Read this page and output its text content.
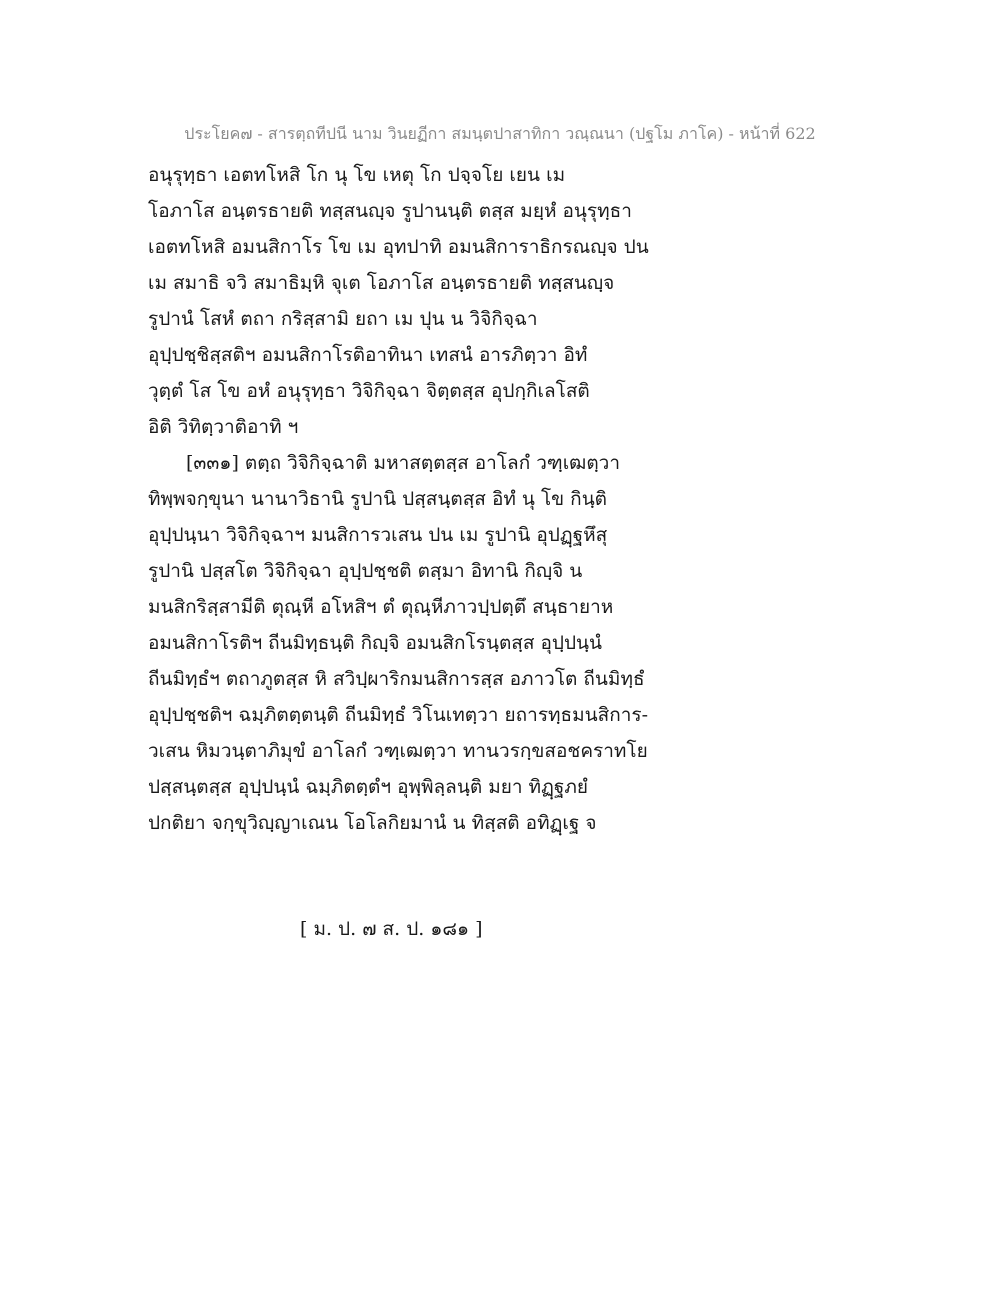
ประโยค๗ - สารตฺถทีปนี นาม วินยฏีกา สมนฺตปาสาทิกา วณฺณนา (ปฐโม ภาโค) - หน้าที่ 622
อนุรุทฺธา เอตทโหสิ โก นุ โข เหตุ โก ปจฺจโย เยน เม
โอภาโส อนฺตรธายติ ทสฺสนญฺจ รูปานนฺติ ตสฺส มยฺหํ อนุรุทฺธา
เอตทโหสิ อมนสิกาโร โข เม อุทปาทิ อมนสิการาธิกรณญฺจ ปน
เม สมาธิ จวิ สมาธิมฺหิ จุเต โอภาโส อนฺตรธายติ ทสฺสนญฺจ
รูปานํ โสหํ ตถา กริสฺสามิ ยถา เม ปุน น วิจิกิจฺฉา
อุปฺปชฺชิสฺสติฯ อมนสิกาโรติอาทินา เทสนํ อารภิตฺวา อิทํ
วุตฺตํ โส โข อหํ อนุรุทฺธา วิจิกิจฺฉา จิตฺตสฺส อุปกฺกิเลโสติ
อิติ วิทิตฺวาติอาทิ ฯ
[๓๓๑] ตตฺถ วิจิกิจฺฉาติ มหาสตฺตสฺส อาโลกํ วฑฺเฒตฺวา
ทิพฺพจกฺขุนา นานาวิธานิ รูปานิ ปสฺสนฺตสฺส อิทํ นุ โข กินฺติ
อุปฺปนฺนา วิจิกิจฺฉาฯ มนสิการวเสน ปน เม รูปานิ อุปฏฺฐหึสุ
รูปานิ ปสฺสโต วิจิกิจฺฉา อุปฺปชฺชติ ตสฺมา อิทานิ กิญฺจิ น
มนสิกริสฺสามีติ ตุณฺหี อโหสิฯ ตํ ตุณฺหีภาวปฺปตฺตึ สนฺธายาห
อมนสิกาโรติฯ ถีนมิทฺธนฺติ กิญฺจิ อมนสิกโรนฺตสฺส อุปฺปนฺนํ
ถีนมิทฺธํฯ ตถาภูตสฺส หิ สวิปฺผาริกมนสิการสฺส อภาวโต ถีนมิทฺธํ
อุปฺปชฺชติฯ ฉมฺภิตตฺตนฺติ ถีนมิทฺธํ วิโนเทตฺวา ยถารทฺธมนสิการ-
วเสน หิมวนฺตาภิมุขํ อาโลกํ วฑฺเฒตฺวา ทานวรกฺขสอชคราทโย
ปสฺสนฺตสฺส อุปฺปนฺนํ ฉมฺภิตตฺตํฯ อุพฺพิลฺลนฺติ มยา ทิฏฺฐภยํ
ปกติยา จกฺขุวิญฺญาเณน โอโลกิยมานํ น ทิสฺสติ อทิฏฺเฐ จ
[ ม. ป. ๗ ส. ป. ๑๘๑ ]
